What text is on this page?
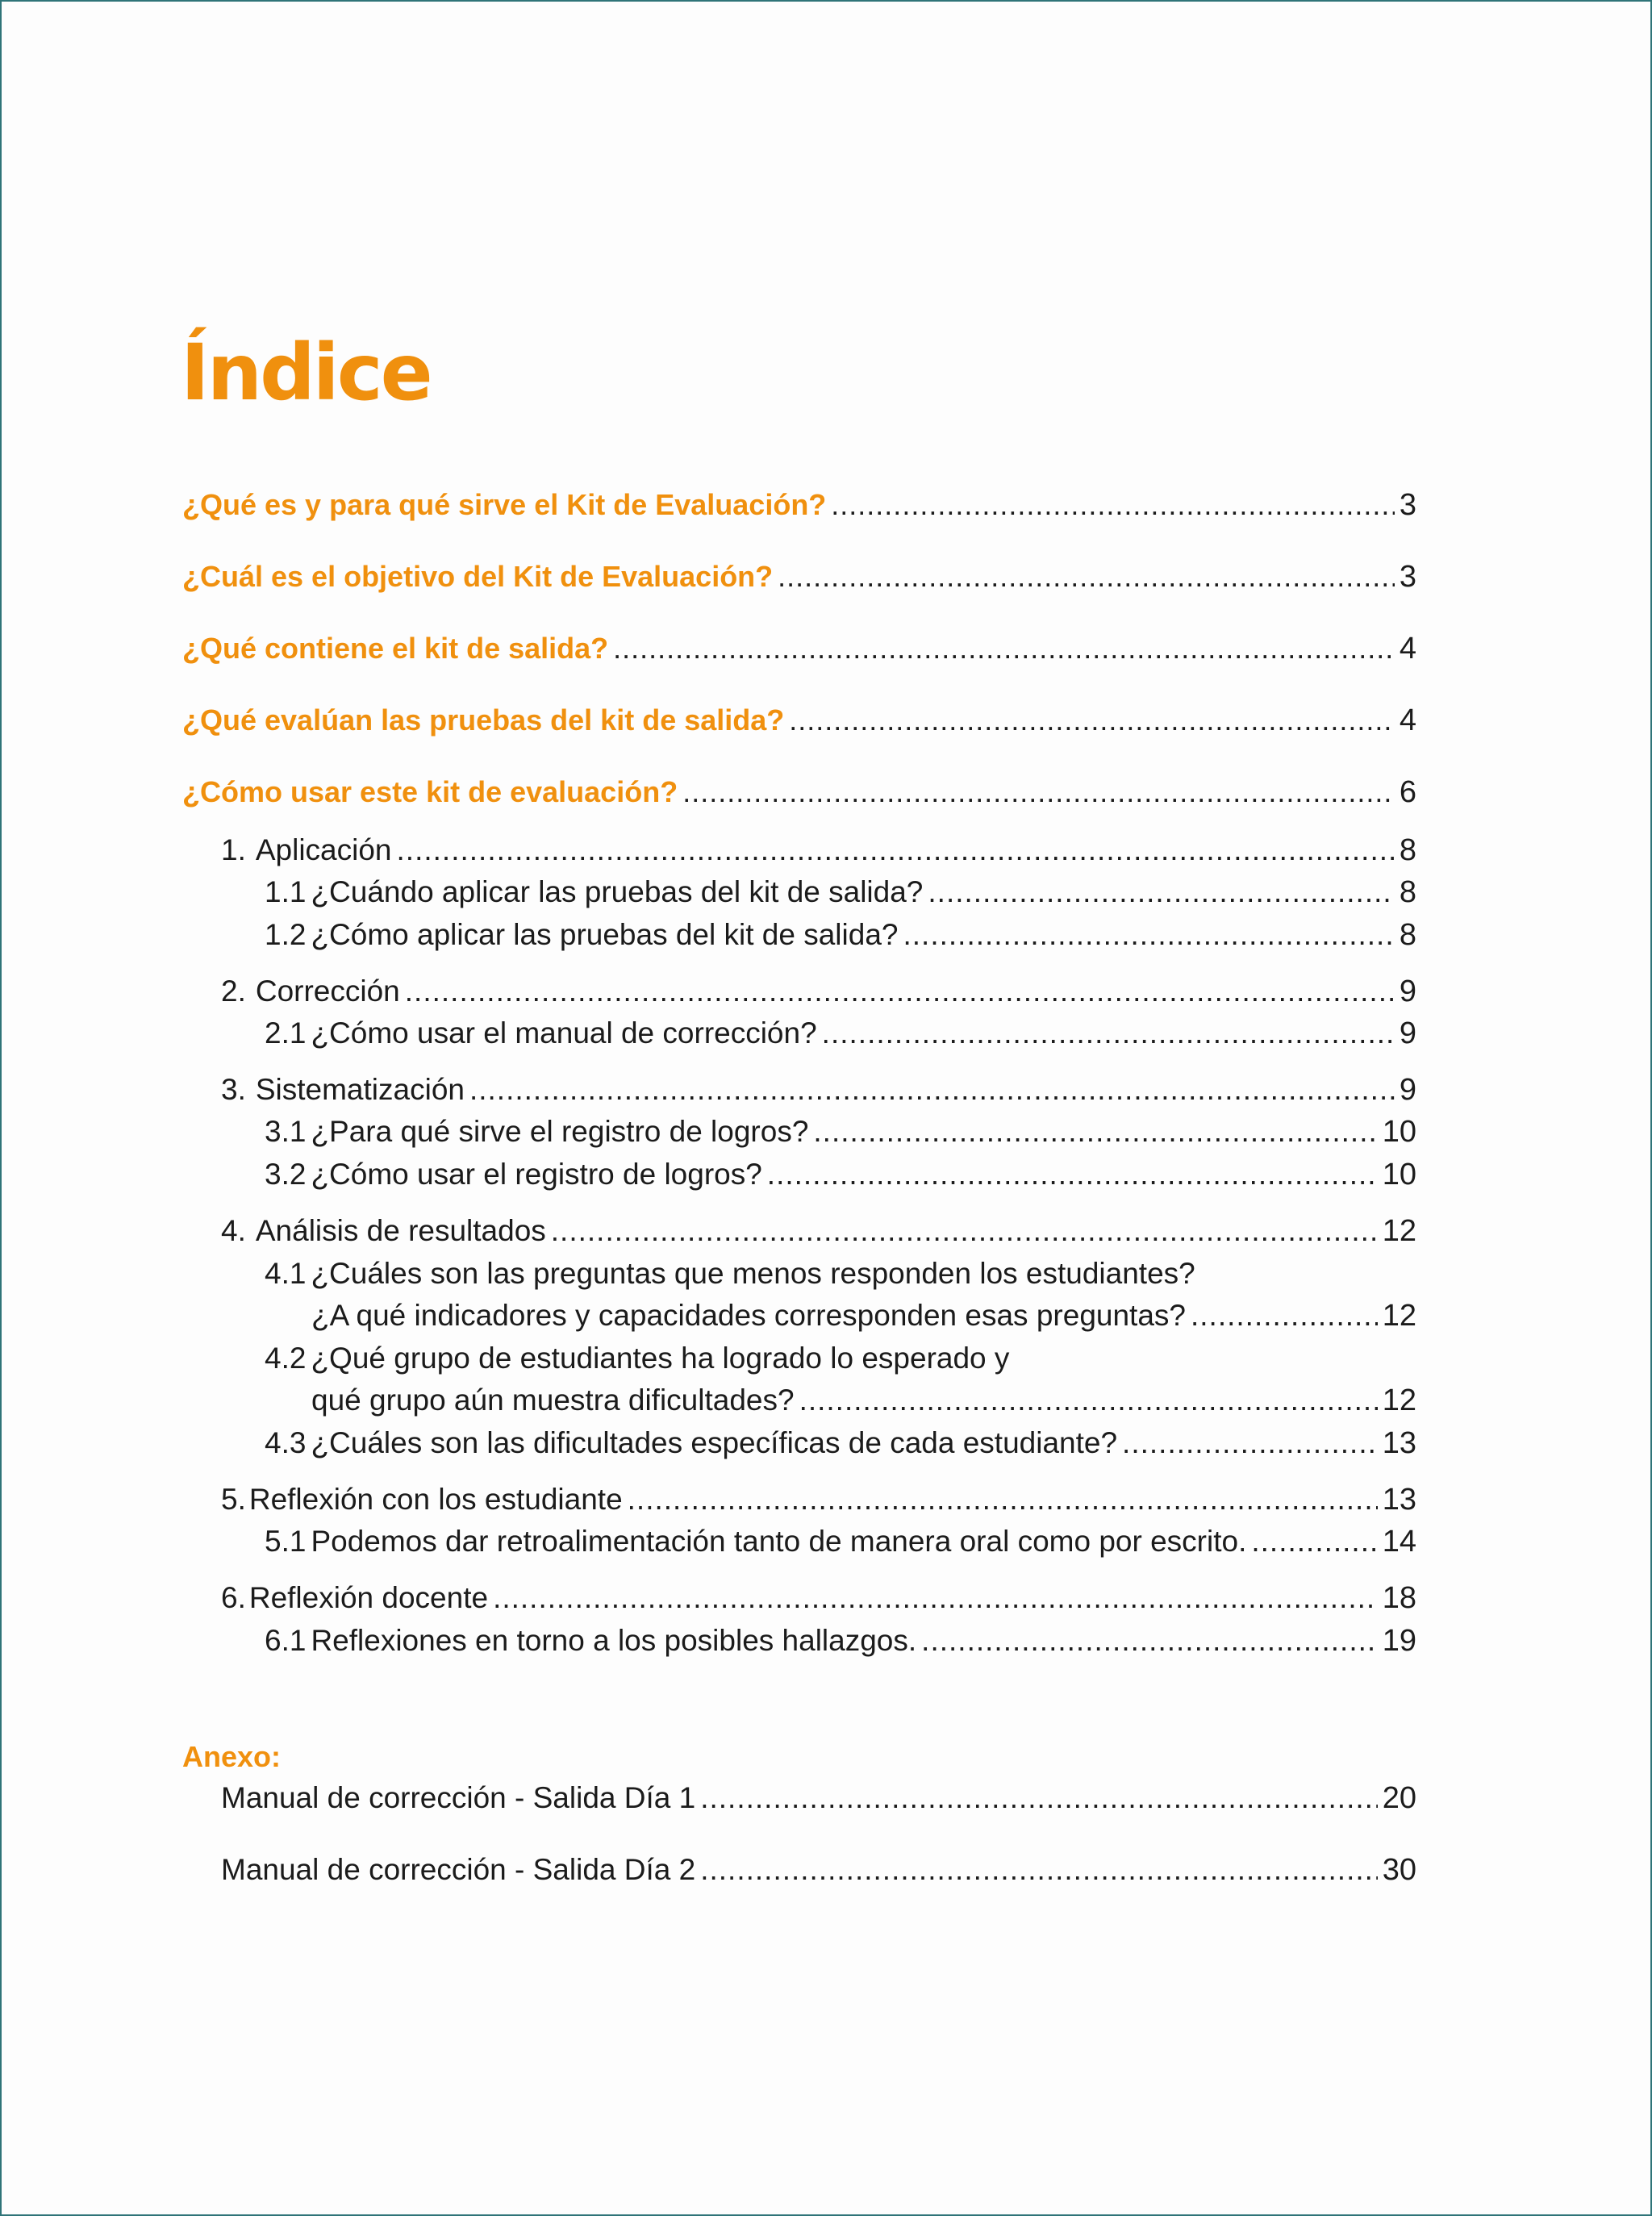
Índice
¿Qué es y para qué sirve el Kit de Evaluación? .....	3
¿Cuál es el objetivo del Kit de Evaluación? .....	3
¿Qué contiene el kit de salida? .....	4
¿Qué evalúan las pruebas del kit de salida? .....	4
¿Cómo usar este kit de evaluación? .....	6
1. Aplicación .....	8
1.1 ¿Cuándo aplicar las pruebas del kit de salida? .....	8
1.2 ¿Cómo aplicar las pruebas del kit de salida? .....	8
2. Corrección .....	9
2.1 ¿Cómo usar el manual de corrección? .....	9
3. Sistematización .....	9
3.1 ¿Para qué sirve el registro de logros? .....	10
3.2 ¿Cómo usar el registro de logros? .....	10
4. Análisis de resultados .....	12
4.1 ¿Cuáles son las preguntas que menos responden los estudiantes?
¿A qué indicadores y capacidades corresponden esas preguntas? .....	12
4.2 ¿Qué grupo de estudiantes ha logrado lo esperado y
qué grupo aún muestra dificultades? .....	12
4.3 ¿Cuáles son las dificultades específicas de cada estudiante? .....	13
5. Reflexión con los estudiante .....	13
5.1 Podemos dar retroalimentación tanto de manera oral como por escrito. .....	14
6. Reflexión docente .....	18
6.1 Reflexiones en torno a los posibles hallazgos. .....	19
Anexo:
Manual de corrección - Salida Día 1 .....	20
Manual de corrección - Salida Día 2 .....	30
